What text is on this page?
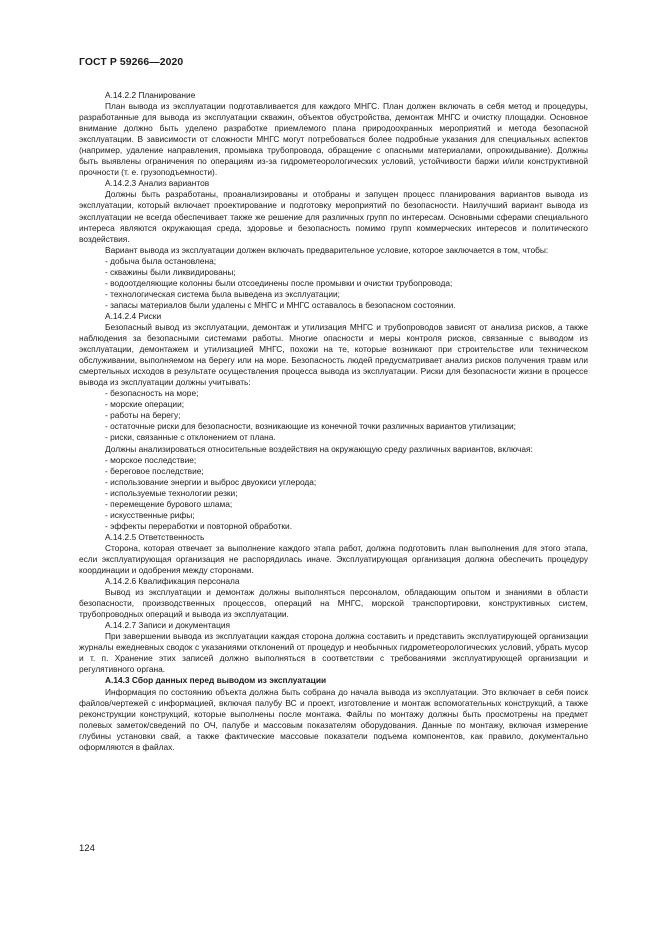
ГОСТ Р 59266—2020

А.14.2.2 Планирование

План вывода из эксплуатации подготавливается для каждого МНГС. План должен включать в себя метод и процедуры, разработанные для вывода из эксплуатации скважин, объектов обустройства, демонтаж МНГС и очистку площадки. Основное внимание должно быть уделено разработке приемлемого плана природоохранных мероприятий и метода безопасной эксплуатации. В зависимости от сложности МНГС могут потребоваться более подробные указания для специальных аспектов (например, удаление направления, промывка трубопровода, обращение с опасными материалами, опрокидывание). Должны быть выявлены ограничения по операциям из-за гидрометеорологических условий, устойчивости баржи и/или конструктивной прочности (т. е. грузоподъемности).

А.14.2.3 Анализ вариантов

Должны быть разработаны, проанализированы и отобраны и запущен процесс планирования вариантов вывода из эксплуатации, который включает проектирование и подготовку мероприятий по безопасности. Наилучший вариант вывода из эксплуатации не всегда обеспечивает также же решение для различных групп по интересам. Основными сферами специального интереса являются окружающая среда, здоровье и безопасность помимо групп коммерческих интересов и политического воздействия.

Вариант вывода из эксплуатации должен включать предварительное условие, которое заключается в том, чтобы:

- добыча была остановлена;
- скважины были ликвидированы;
- водоотделяющие колонны были отсоединены после промывки и очистки трубопровода;
- технологическая система была выведена из эксплуатации;
- запасы материалов были удалены с МНГС и МНГС оставалось в безопасном состоянии.

А.14.2.4 Риски

Безопасный вывод из эксплуатации, демонтаж и утилизация МНГС и трубопроводов зависят от анализа рисков, а также наблюдения за безопасными системами работы. Многие опасности и меры контроля рисков, связанные с выводом из эксплуатации, демонтажем и утилизацией МНГС, похожи на те, которые возникают при строительстве или техническом обслуживании, выполняемом на берегу или на море. Безопасность людей предусматривает анализ рисков получения травм или смертельных исходов в результате осуществления процесса вывода из эксплуатации. Риски для безопасности жизни в процессе вывода из эксплуатации должны учитывать:

- безопасность на море;
- морские операции;
- работы на берегу;
- остаточные риски для безопасности, возникающие из конечной точки различных вариантов утилизации;
- риски, связанные с отклонением от плана.

Должны анализироваться относительные воздействия на окружающую среду различных вариантов, включая:

- морское последствие;
- береговое последствие;
- использование энергии и выброс двуокиси углерода;
- используемые технологии резки;
- перемещение бурового шлама;
- искусственные рифы;
- эффекты переработки и повторной обработки.

А.14.2.5 Ответственность

Сторона, которая отвечает за выполнение каждого этапа работ, должна подготовить план выполнения для этого этапа, если эксплуатирующая организация не распорядилась иначе. Эксплуатирующая организация должна обеспечить процедуру координации и одобрения между сторонами.

А.14.2.6 Квалификация персонала

Вывод из эксплуатации и демонтаж должны выполняться персоналом, обладающим опытом и знаниями в области безопасности, производственных процессов, операций на МНГС, морской транспортировки, конструктивных систем, трубопроводных операций и вывода из эксплуатации.

А.14.2.7 Записи и документация

При завершении вывода из эксплуатации каждая сторона должна составить и представить эксплуатирующей организации журналы ежедневных сводок с указаниями отклонений от процедур и необычных гидрометеорологических условий, убрать мусор и т. п. Хранение этих записей должно выполняться в соответствии с требованиями эксплуатирующей организации и регулятивного органа.

А.14.3 Сбор данных перед выводом из эксплуатации

Информация по состоянию объекта должна быть собрана до начала вывода из эксплуатации. Это включает в себя поиск файлов/чертежей с информацией, включая палубу ВС и проект, изготовление и монтаж вспомогательных конструкций, а также реконструкции конструкций, которые выполнены после монтажа. Файлы по монтажу должны быть просмотрены на предмет полевых заметок/сведений по ОЧ, палубе и массовым показателям оборудования. Данные по монтажу, включая измерение глубины установки свай, а также фактические массовые показатели подъема компонентов, как правило, документально оформляются в файлах.

124
